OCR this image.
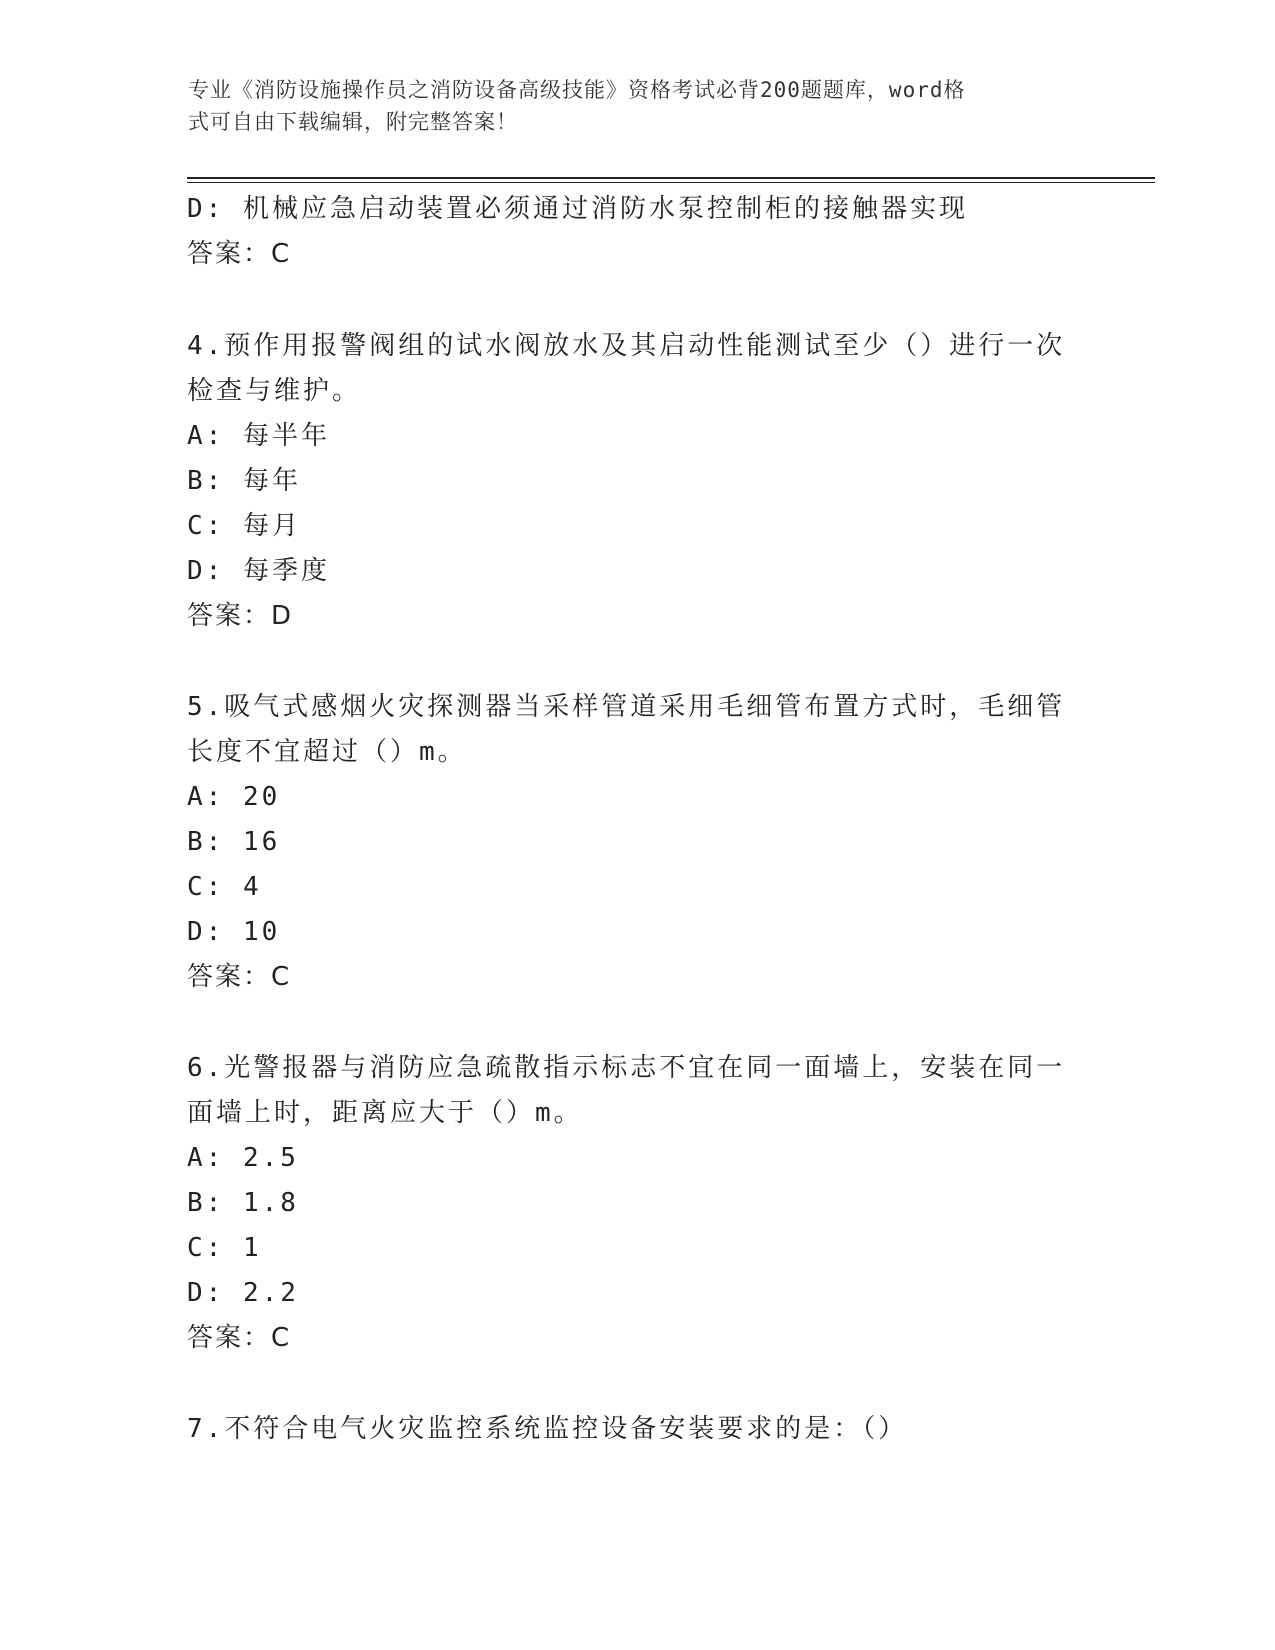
专业《消防设施操作员之消防设备高级技能》资格考试必背200题题库，word格
式可自由下载编辑，附完整答案！
D: 机械应急启动装置必须通过消防水泵控制柜的接触器实现
答案：C
4.预作用报警阀组的试水阀放水及其启动性能测试至少（）进行一次
检查与维护。
A: 每半年
B: 每年
C: 每月
D: 每季度
答案：D
5.吸气式感烟火灾探测器当采样管道采用毛细管布置方式时，毛细管
长度不宜超过（）m。
A: 20
B: 16
C: 4
D: 10
答案：C
6.光警报器与消防应急疏散指示标志不宜在同一面墙上，安装在同一
面墙上时，距离应大于（）m。
A: 2.5
B: 1.8
C: 1
D: 2.2
答案：C
7.不符合电气火灾监控系统监控设备安装要求的是：（）
